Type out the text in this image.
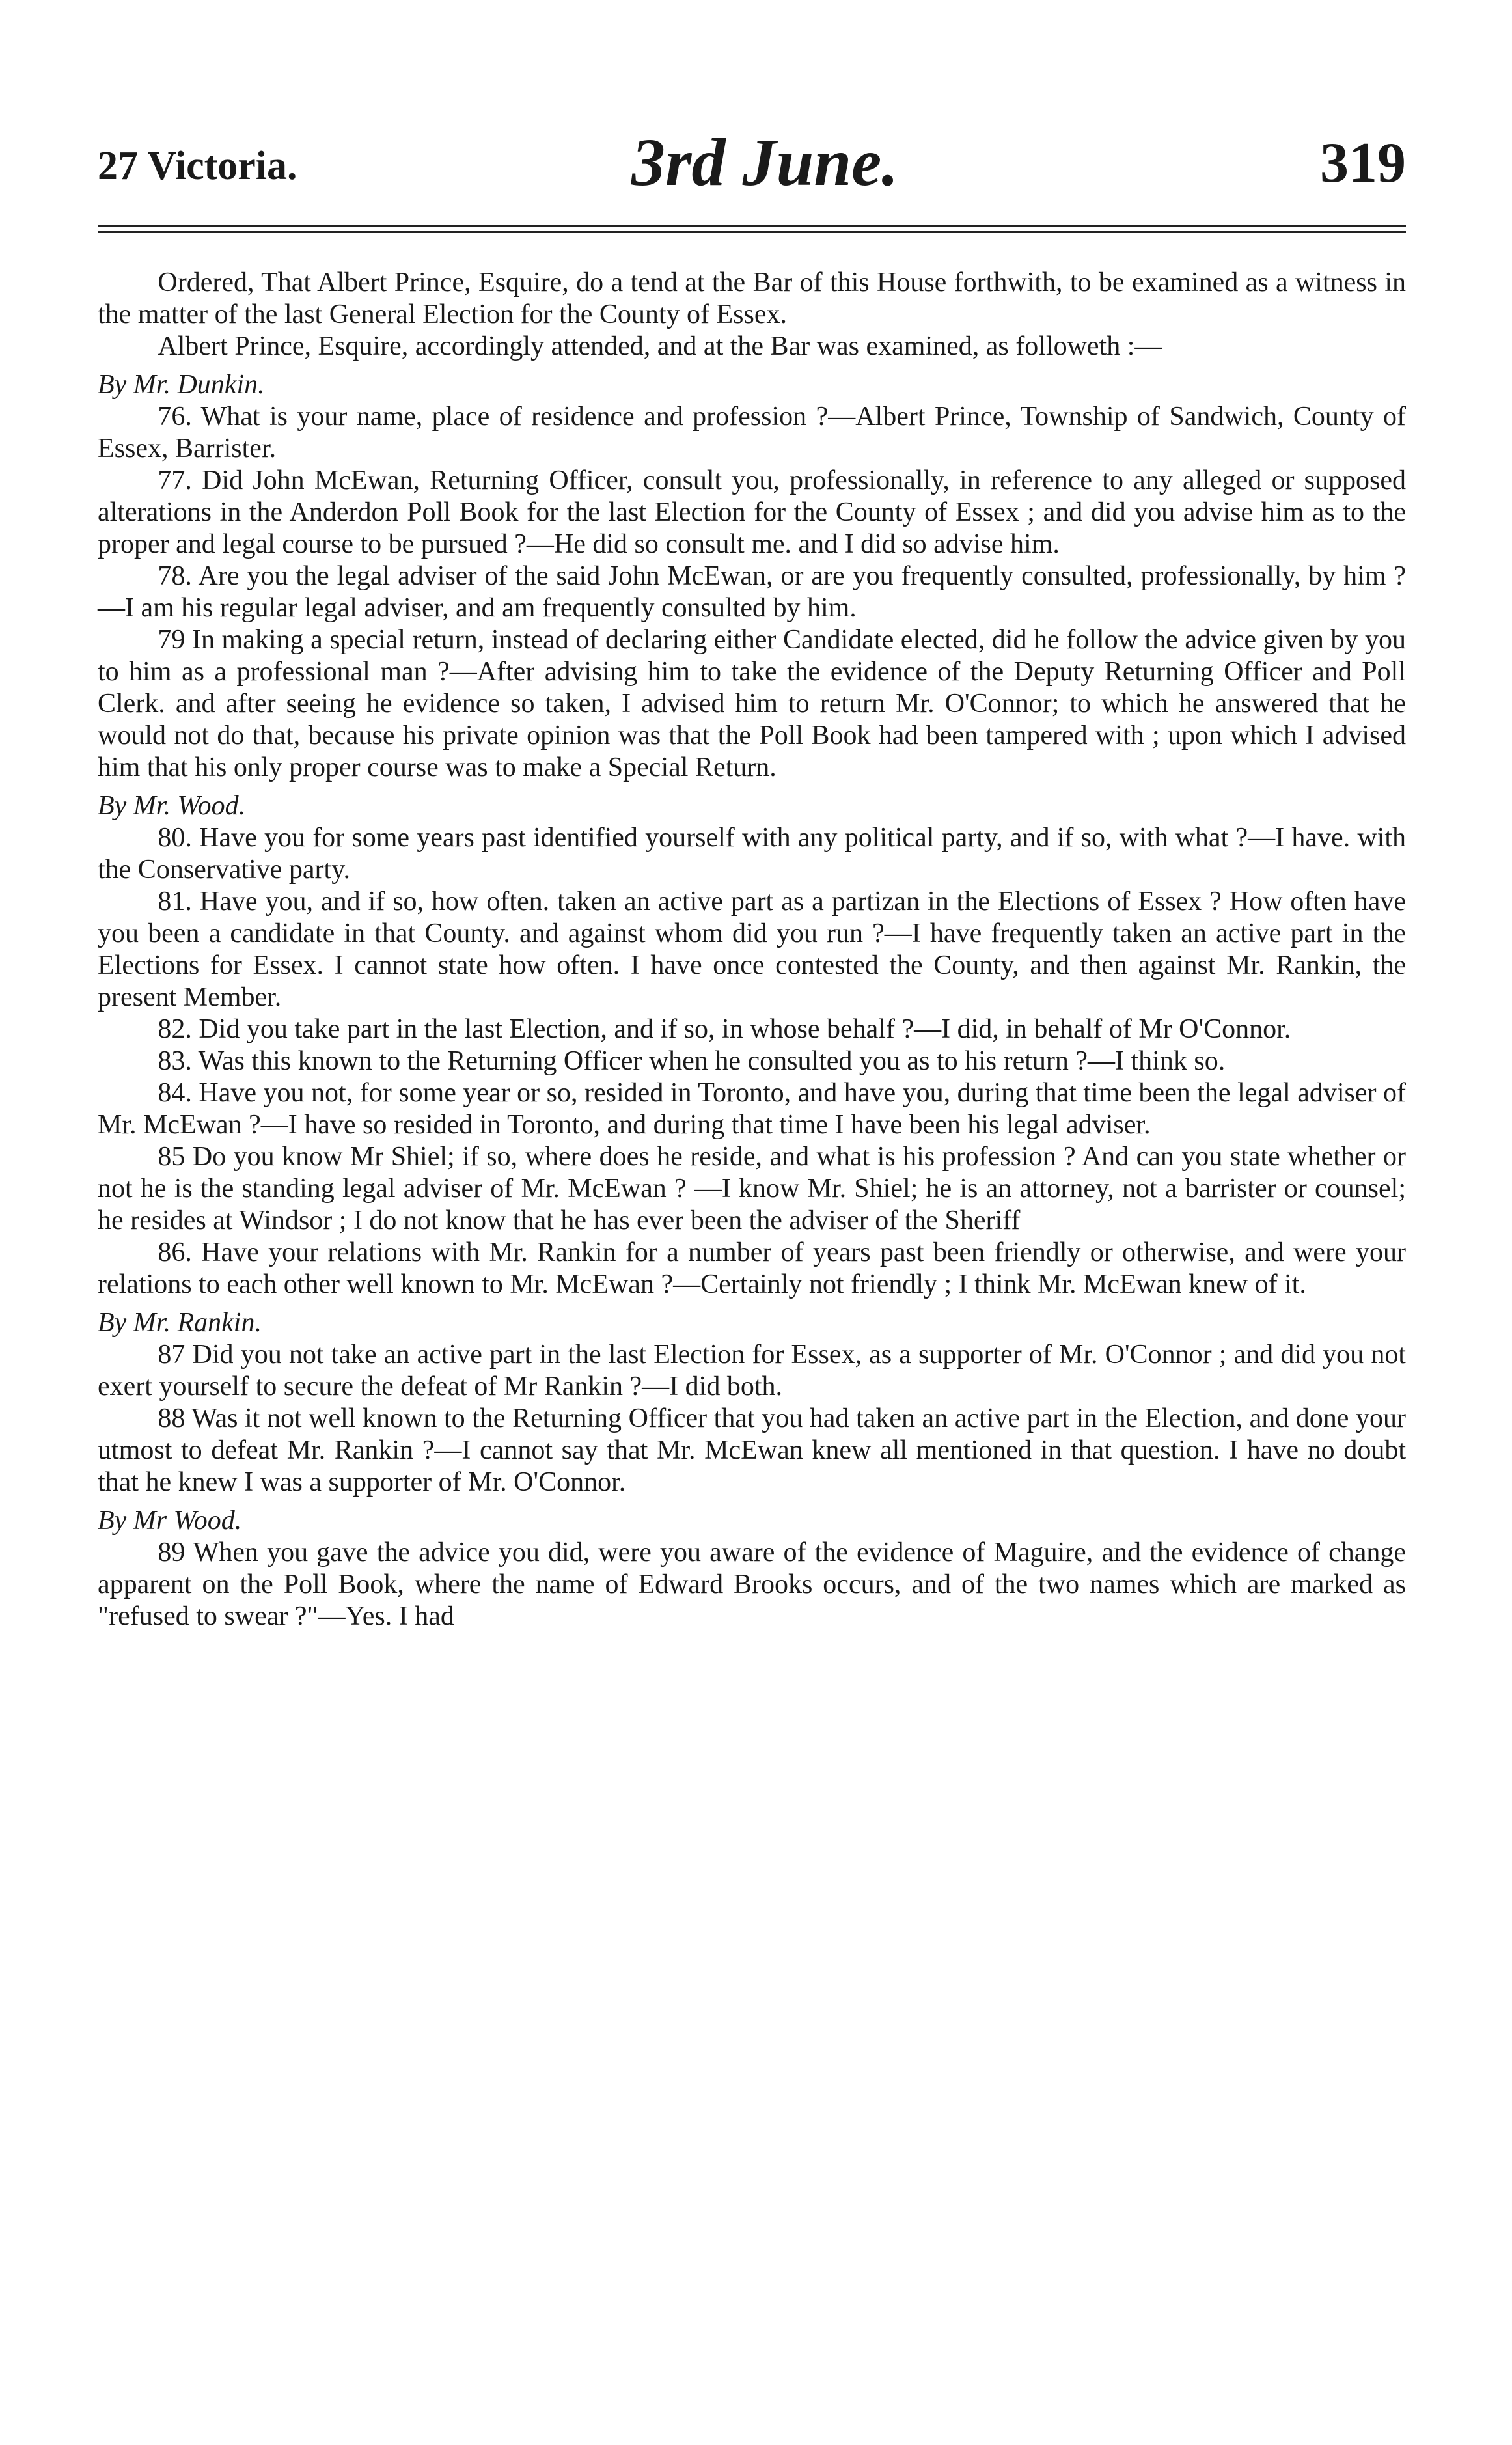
27 Victoria.	3rd June.	319

Ordered, That Albert Prince, Esquire, do a tend at the Bar of this House forthwith, to be examined as a witness in the matter of the last General Election for the County of Essex.

Albert Prince, Esquire, accordingly attended, and at the Bar was examined, as followeth :—

By Mr. Dunkin.

76. What is your name, place of residence and profession ?—Albert Prince, Township of Sandwich, County of Essex, Barrister.

77. Did John McEwan, Returning Officer, consult you, professionally, in reference to any alleged or supposed alterations in the Anderdon Poll Book for the last Election for the County of Essex ; and did you advise him as to the proper and legal course to be pursued ?—He did so consult me. and I did so advise him.

78. Are you the legal adviser of the said John McEwan, or are you frequently consulted, professionally, by him ?—I am his regular legal adviser, and am frequently consulted by him.

79 In making a special return, instead of declaring either Candidate elected, did he follow the advice given by you to him as a professional man ?—After advising him to take the evidence of the Deputy Returning Officer and Poll Clerk. and after seeing he evidence so taken, I advised him to return Mr. O'Connor; to which he answered that he would not do that, because his private opinion was that the Poll Book had been tampered with ; upon which I advised him that his only proper course was to make a Special Return.

By Mr. Wood.

80. Have you for some years past identified yourself with any political party, and if so, with what ?—I have. with the Conservative party.

81. Have you, and if so, how often. taken an active part as a partizan in the Elections of Essex ? How often have you been a candidate in that County. and against whom did you run ?—I have frequently taken an active part in the Elections for Essex. I cannot state how often. I have once contested the County, and then against Mr. Rankin, the present Member.

82. Did you take part in the last Election, and if so, in whose behalf ?—I did, in behalf of Mr O'Connor.

83. Was this known to the Returning Officer when he consulted you as to his return ?—I think so.

84. Have you not, for some year or so, resided in Toronto, and have you, during that time been the legal adviser of Mr. McEwan ?—I have so resided in Toronto, and during that time I have been his legal adviser.

85 Do you know Mr Shiel; if so, where does he reside, and what is his profession ? And can you state whether or not he is the standing legal adviser of Mr. McEwan ? —I know Mr. Shiel; he is an attorney, not a barrister or counsel; he resides at Windsor ; I do not know that he has ever been the adviser of the Sheriff

86. Have your relations with Mr. Rankin for a number of years past been friendly or otherwise, and were your relations to each other well known to Mr. McEwan ?—Certainly not friendly ; I think Mr. McEwan knew of it.

By Mr. Rankin.

87 Did you not take an active part in the last Election for Essex, as a supporter of Mr. O'Connor ; and did you not exert yourself to secure the defeat of Mr Rankin ?—I did both.

88 Was it not well known to the Returning Officer that you had taken an active part in the Election, and done your utmost to defeat Mr. Rankin ?—I cannot say that Mr. McEwan knew all mentioned in that question. I have no doubt that he knew I was a supporter of Mr. O'Connor.

By Mr Wood.

89 When you gave the advice you did, were you aware of the evidence of Maguire, and the evidence of change apparent on the Poll Book, where the name of Edward Brooks occurs, and of the two names which are marked as "refused to swear ?"—Yes. I had
